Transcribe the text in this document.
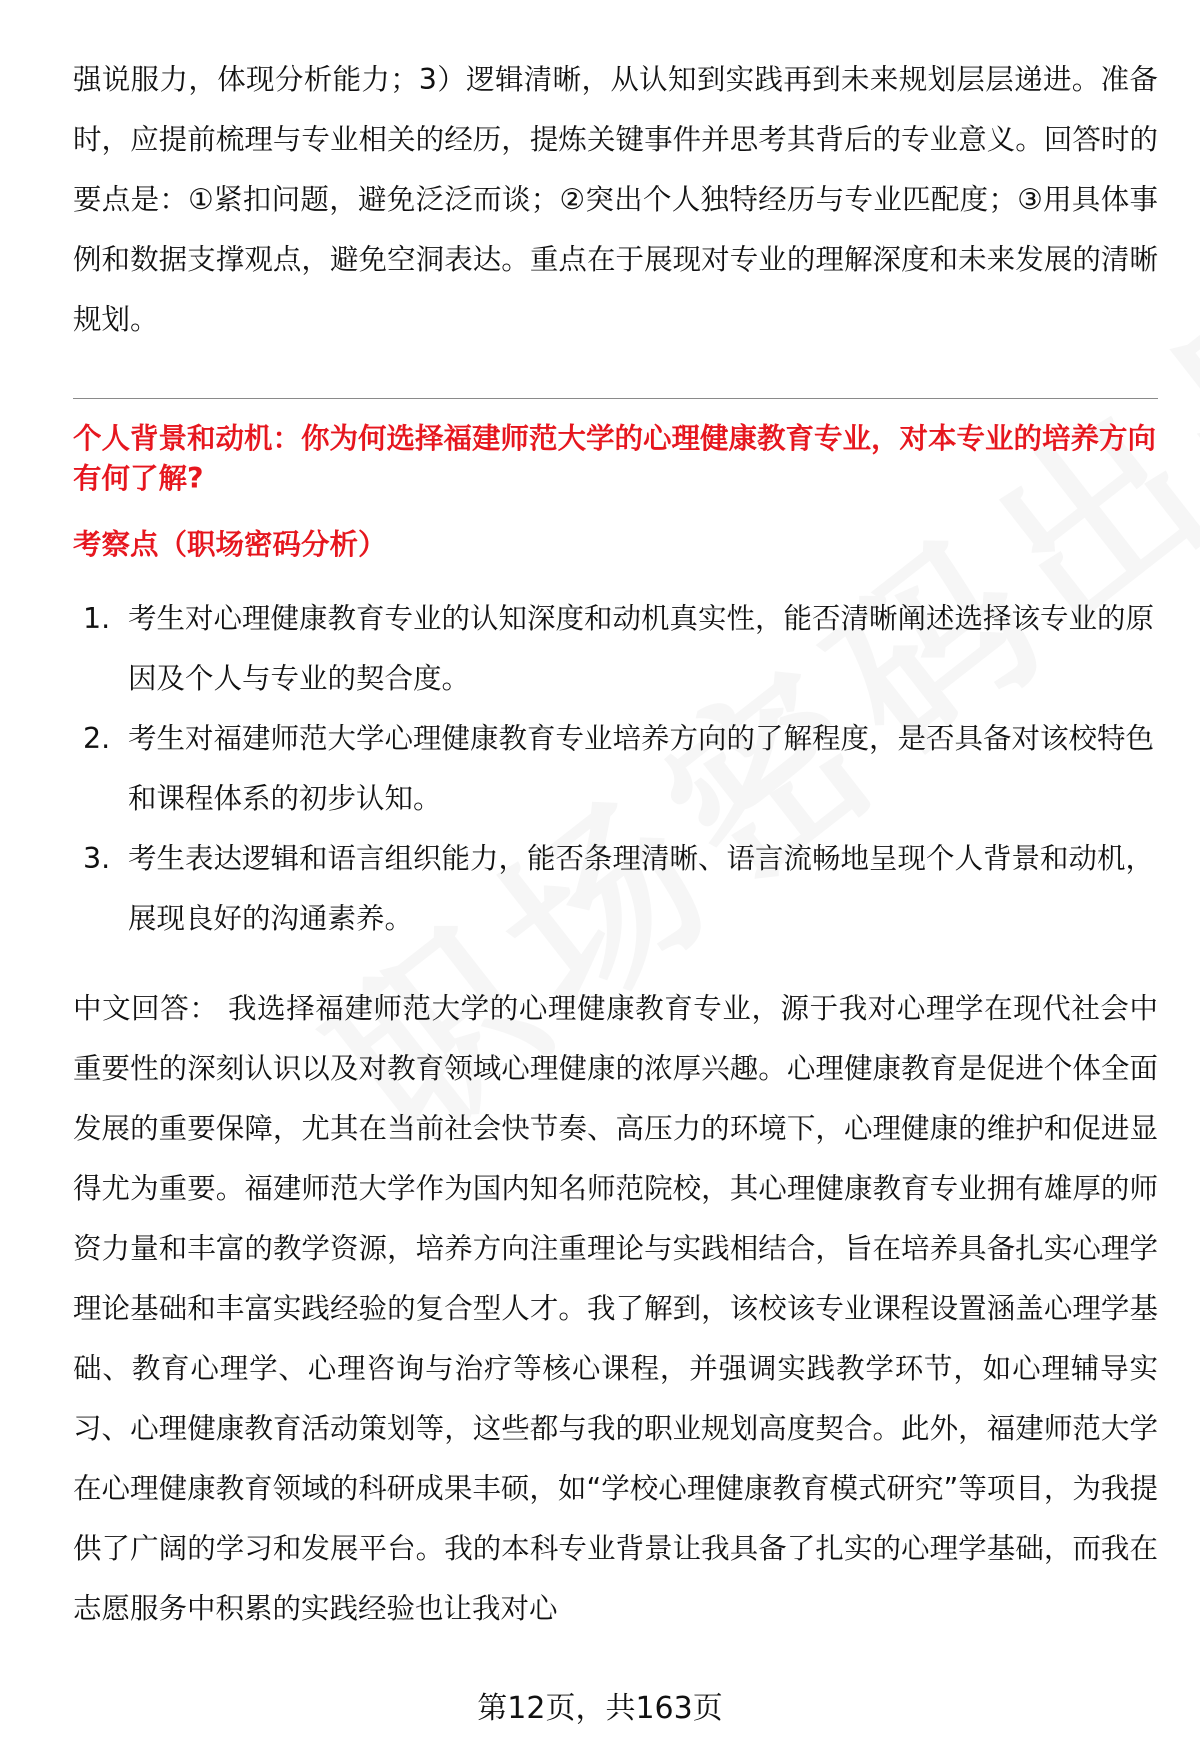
强说服力，体现分析能力；3）逻辑清晰，从认知到实践再到未来规划层层递进。准备时，应提前梳理与专业相关的经历，提炼关键事件并思考其背后的专业意义。回答时的要点是：①紧扣问题，避免泛泛而谈；②突出个人独特经历与专业匹配度；③用具体事例和数据支撑观点，避免空洞表达。重点在于展现对专业的理解深度和未来发展的清晰规划。

个人背景和动机：你为何选择福建师范大学的心理健康教育专业，对本专业的培养方向有何了解?
考察点（职场密码分析）
1. 考生对心理健康教育专业的认知深度和动机真实性，能否清晰阐述选择该专业的原因及个人与专业的契合度。
2. 考生对福建师范大学心理健康教育专业培养方向的了解程度，是否具备对该校特色和课程体系的初步认知。
3. 考生表达逻辑和语言组织能力，能否条理清晰、语言流畅地呈现个人背景和动机，展现良好的沟通素养。

中文回答： 我选择福建师范大学的心理健康教育专业，源于我对心理学在现代社会中重要性的深刻认识以及对教育领域心理健康的浓厚兴趣。心理健康教育是促进个体全面发展的重要保障，尤其在当前社会快节奏、高压力的环境下，心理健康的维护和促进显得尤为重要。福建师范大学作为国内知名师范院校，其心理健康教育专业拥有雄厚的师资力量和丰富的教学资源，培养方向注重理论与实践相结合，旨在培养具备扎实心理学理论基础和丰富实践经验的复合型人才。我了解到，该校该专业课程设置涵盖心理学基础、教育心理学、心理咨询与治疗等核心课程，并强调实践教学环节，如心理辅导实习、心理健康教育活动策划等，这些都与我的职业规划高度契合。此外，福建师范大学在心理健康教育领域的科研成果丰硕，如“学校心理健康教育模式研究”等项目，为我提供了广阔的学习和发展平台。我的本科专业背景让我具备了扎实的心理学基础，而我在志愿服务中积累的实践经验也让我对心

第12页，共163页
